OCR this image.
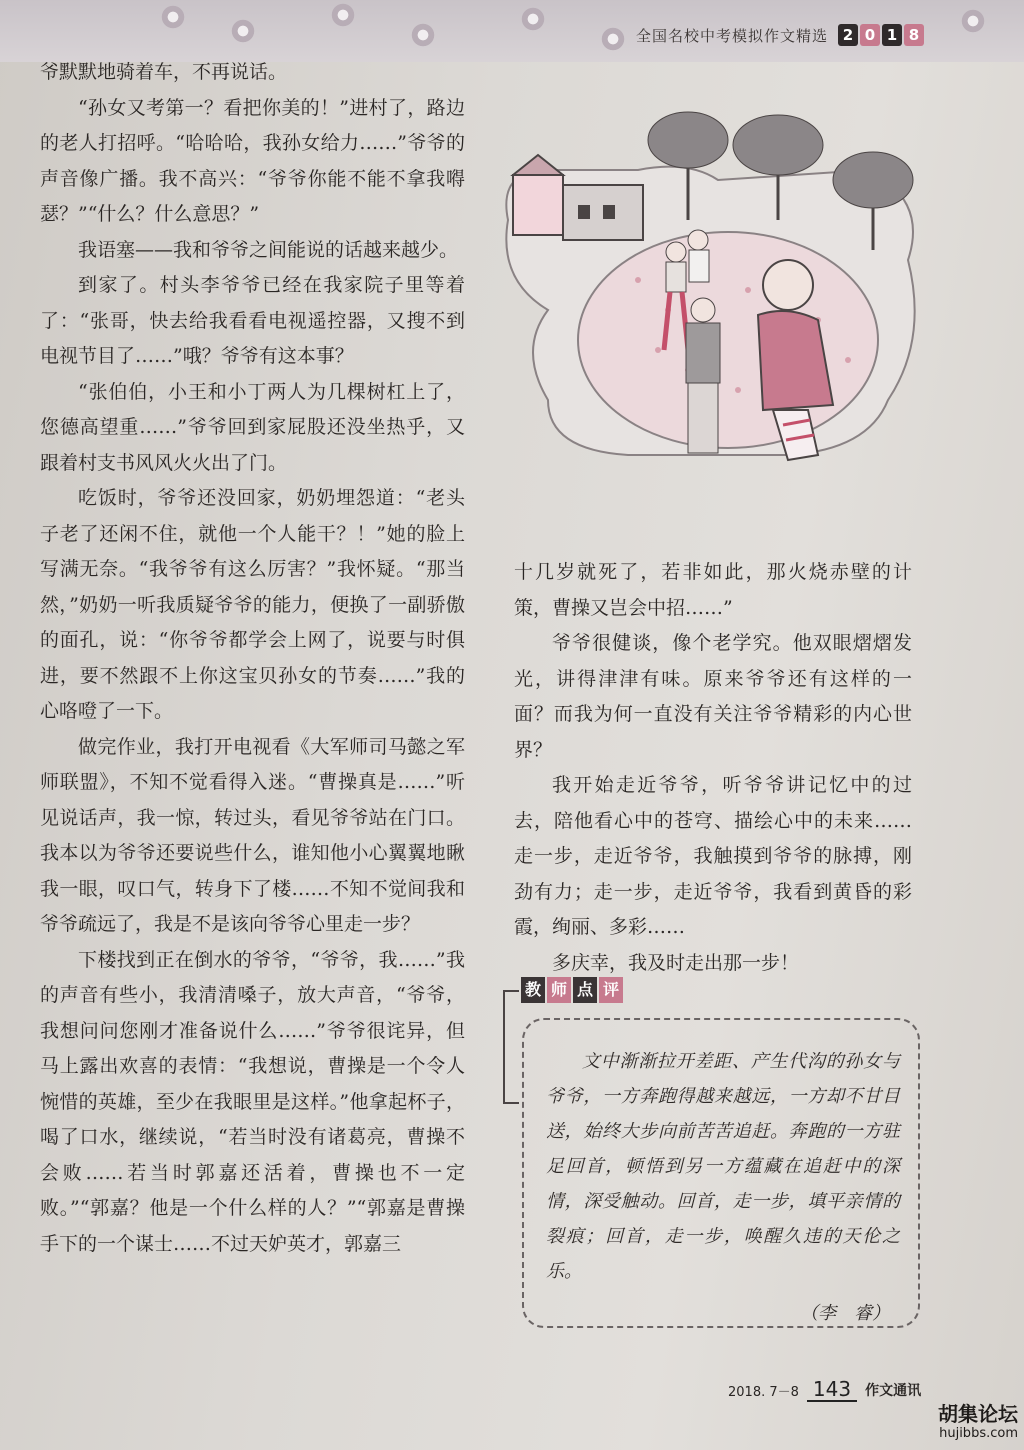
全国名校中考模拟作文精选 2 0 1 8

爷默默地骑着车，不再说话。

“孙女又考第一？看把你美的！”进村了，路边的老人打招呼。“哈哈哈，我孙女给力……”爷爷的声音像广播。我不高兴：“爷爷你能不能不拿我嘚瑟？”“什么？什么意思？”

我语塞——我和爷爷之间能说的话越来越少。

到家了。村头李爷爷已经在我家院子里等着了：“张哥，快去给我看看电视遥控器，又搜不到电视节目了……”哦？爷爷有这本事？

“张伯伯，小王和小丁两人为几棵树杠上了，您德高望重……”爷爷回到家屁股还没坐热乎，又跟着村支书风风火火出了门。

吃饭时，爷爷还没回家，奶奶埋怨道：“老头子老了还闲不住，就他一个人能干？！”她的脸上写满无奈。“我爷爷有这么厉害？”我怀疑。“那当然，”奶奶一听我质疑爷爷的能力，便换了一副骄傲的面孔，说：“你爷爷都学会上网了，说要与时俱进，要不然跟不上你这宝贝孙女的节奏……”我的心咯噔了一下。

做完作业，我打开电视看《大军师司马懿之军师联盟》，不知不觉看得入迷。“曹操真是……”听见说话声，我一惊，转过头，看见爷爷站在门口。我本以为爷爷还要说些什么，谁知他小心翼翼地瞅我一眼，叹口气，转身下了楼……不知不觉间我和爷爷疏远了，我是不是该向爷爷心里走一步？

下楼找到正在倒水的爷爷，“爷爷，我……”我的声音有些小，我清清嗓子，放大声音，“爷爷，我想问问您刚才准备说什么……”爷爷很诧异，但马上露出欢喜的表情：“我想说，曹操是一个令人惋惜的英雄，至少在我眼里是这样。”他拿起杯子，喝了口水，继续说，“若当时没有诸葛亮，曹操不会败……若当时郭嘉还活着，曹操也不一定败。”“郭嘉？他是一个什么样的人？”“郭嘉是曹操手下的一个谋士……不过天妒英才，郭嘉三

十几岁就死了，若非如此，那火烧赤壁的计策，曹操又岂会中招……”

爷爷很健谈，像个老学究。他双眼熠熠发光，讲得津津有味。原来爷爷还有这样的一面？而我为何一直没有关注爷爷精彩的内心世界？

我开始走近爷爷，听爷爷讲记忆中的过去，陪他看心中的苍穹、描绘心中的未来……走一步，走近爷爷，我触摸到爷爷的脉搏，刚劲有力；走一步，走近爷爷，我看到黄昏的彩霞，绚丽、多彩……

多庆幸，我及时走出那一步！

教 师 点 评

文中渐渐拉开差距、产生代沟的孙女与爷爷，一方奔跑得越来越远，一方却不甘目送，始终大步向前苦苦追赶。奔跑的一方驻足回首，顿悟到另一方蕴藏在追赶中的深情，深受触动。回首，走一步，填平亲情的裂痕；回首，走一步，唤醒久违的天伦之乐。

（李　睿）
2018. 7－8 143	作文通讯
胡集论坛
hujibbs.com
